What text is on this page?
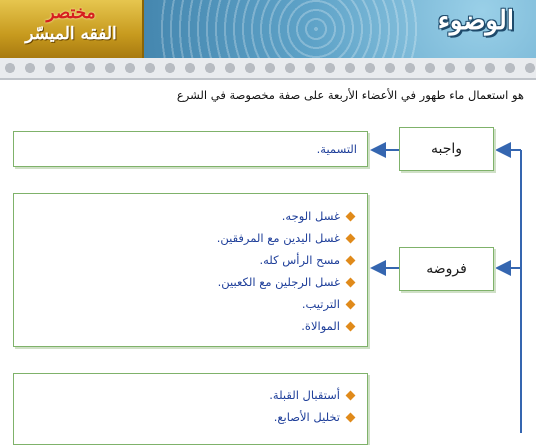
الوضوء
مختصر
الفقه الميسّر
هو استعمال ماء طهور في الأعضاء الأربعة على صفة مخصوصة في الشرع
التسمية.	واجبه
غسل الوجه.
غسل اليدين مع المرفقين.
مسح الرأس كله.
غسل الرجلين مع الكعبين.
الترتيب.
الموالاة.
فروضه
أستقبال القبلة.
تخليل الأصابع.
